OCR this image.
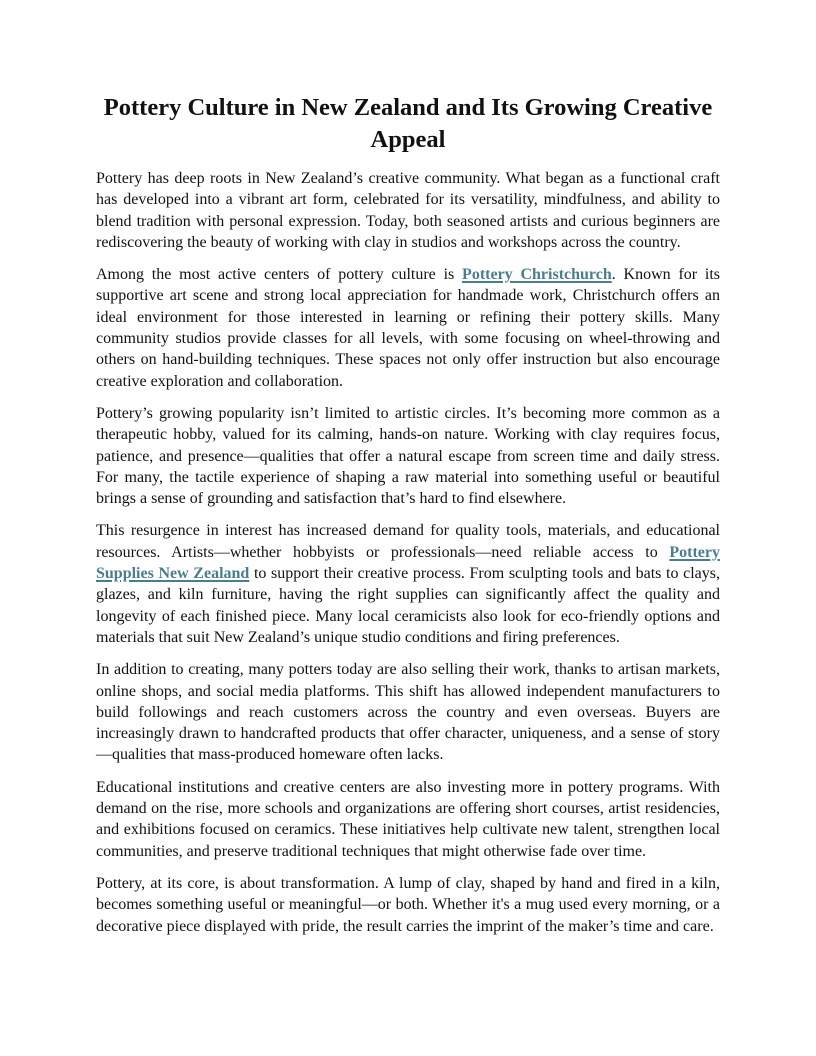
Pottery Culture in New Zealand and Its Growing Creative Appeal

Pottery has deep roots in New Zealand’s creative community. What began as a functional craft has developed into a vibrant art form, celebrated for its versatility, mindfulness, and ability to blend tradition with personal expression. Today, both seasoned artists and curious beginners are rediscovering the beauty of working with clay in studios and workshops across the country.

Among the most active centers of pottery culture is Pottery Christchurch. Known for its supportive art scene and strong local appreciation for handmade work, Christchurch offers an ideal environment for those interested in learning or refining their pottery skills. Many community studios provide classes for all levels, with some focusing on wheel-throwing and others on hand-building techniques. These spaces not only offer instruction but also encourage creative exploration and collaboration.

Pottery’s growing popularity isn’t limited to artistic circles. It’s becoming more common as a therapeutic hobby, valued for its calming, hands-on nature. Working with clay requires focus, patience, and presence—qualities that offer a natural escape from screen time and daily stress. For many, the tactile experience of shaping a raw material into something useful or beautiful brings a sense of grounding and satisfaction that’s hard to find elsewhere.

This resurgence in interest has increased demand for quality tools, materials, and educational resources. Artists—whether hobbyists or professionals—need reliable access to Pottery Supplies New Zealand to support their creative process. From sculpting tools and bats to clays, glazes, and kiln furniture, having the right supplies can significantly affect the quality and longevity of each finished piece. Many local ceramicists also look for eco-friendly options and materials that suit New Zealand’s unique studio conditions and firing preferences.

In addition to creating, many potters today are also selling their work, thanks to artisan markets, online shops, and social media platforms. This shift has allowed independent manufacturers to build followings and reach customers across the country and even overseas. Buyers are increasingly drawn to handcrafted products that offer character, uniqueness, and a sense of story—qualities that mass-produced homeware often lacks.

Educational institutions and creative centers are also investing more in pottery programs. With demand on the rise, more schools and organizations are offering short courses, artist residencies, and exhibitions focused on ceramics. These initiatives help cultivate new talent, strengthen local communities, and preserve traditional techniques that might otherwise fade over time.

Pottery, at its core, is about transformation. A lump of clay, shaped by hand and fired in a kiln, becomes something useful or meaningful—or both. Whether it's a mug used every morning, or a decorative piece displayed with pride, the result carries the imprint of the maker’s time and care.
